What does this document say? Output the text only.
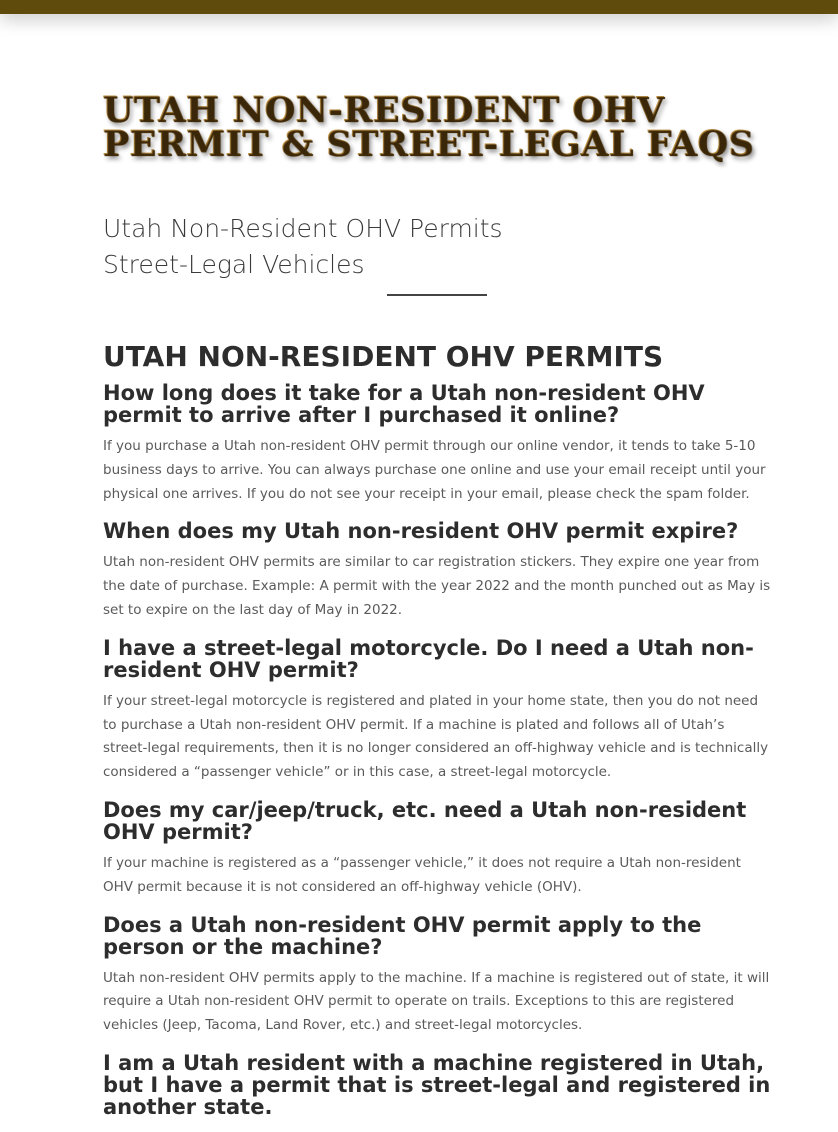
UTAH NON-RESIDENT OHV
PERMIT & STREET-LEGAL FAQS
Utah Non-Resident OHV Permits
Street-Legal Vehicles
UTAH NON-RESIDENT OHV PERMITS
How long does it take for a Utah non-resident OHV permit to arrive after I purchased it online?

If you purchase a Utah non-resident OHV permit through our online vendor, it tends to take 5-10 business days to arrive. You can always purchase one online and use your email receipt until your physical one arrives. If you do not see your receipt in your email, please check the spam folder.

When does my Utah non-resident OHV permit expire?

Utah non-resident OHV permits are similar to car registration stickers. They expire one year from the date of purchase. Example: A permit with the year 2022 and the month punched out as May is set to expire on the last day of May in 2022.

I have a street-legal motorcycle. Do I need a Utah non-resident OHV permit?

If your street-legal motorcycle is registered and plated in your home state, then you do not need to purchase a Utah non-resident OHV permit. If a machine is plated and follows all of Utah’s street-legal requirements, then it is no longer considered an off-highway vehicle and is technically considered a “passenger vehicle” or in this case, a street-legal motorcycle.

Does my car/jeep/truck, etc. need a Utah non-resident OHV permit?

If your machine is registered as a “passenger vehicle,” it does not require a Utah non-resident OHV permit because it is not considered an off-highway vehicle (OHV).

Does a Utah non-resident OHV permit apply to the person or the machine?

Utah non-resident OHV permits apply to the machine. If a machine is registered out of state, it will require a Utah non-resident OHV permit to operate on trails. Exceptions to this are registered vehicles (Jeep, Tacoma, Land Rover, etc.) and street-legal motorcycles.

I am a Utah resident with a machine registered in Utah, but I have a permit that is street-legal and registered in another state.
